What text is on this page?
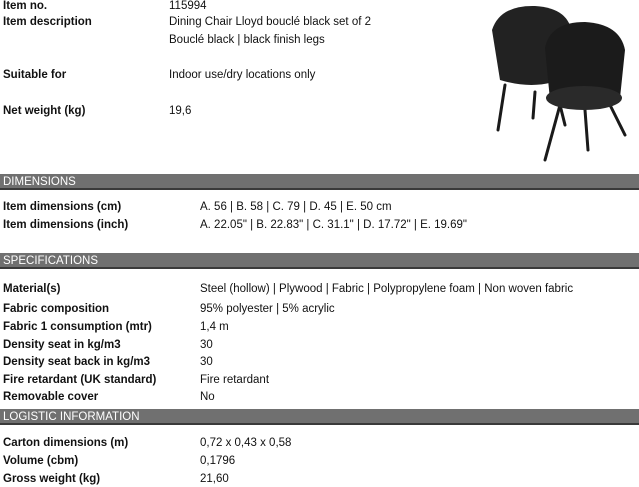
Item no.	115994
Item description	Dining Chair Lloyd bouclé black set of 2
Bouclé black | black finish legs
Suitable for	Indoor use/dry locations only
Net weight (kg)	19,6
DIMENSIONS
Item dimensions (cm)	A. 56 | B. 58 | C. 79 | D. 45 | E. 50 cm
Item dimensions (inch)	A. 22.05" | B. 22.83" | C. 31.1" | D. 17.72" | E. 19.69"
SPECIFICATIONS
Material(s)	Steel (hollow) | Plywood | Fabric | Polypropylene foam | Non woven fabric
Fabric composition	95% polyester | 5% acrylic
Fabric 1 consumption (mtr)	1,4 m
Density seat in kg/m3	30
Density seat back in kg/m3	30
Fire retardant (UK standard)	Fire retardant
Removable cover	No
LOGISTIC INFORMATION
Carton dimensions (m)	0,72 x 0,43 x 0,58
Volume (cbm)	0,1796
Gross weight (kg)	21,60
